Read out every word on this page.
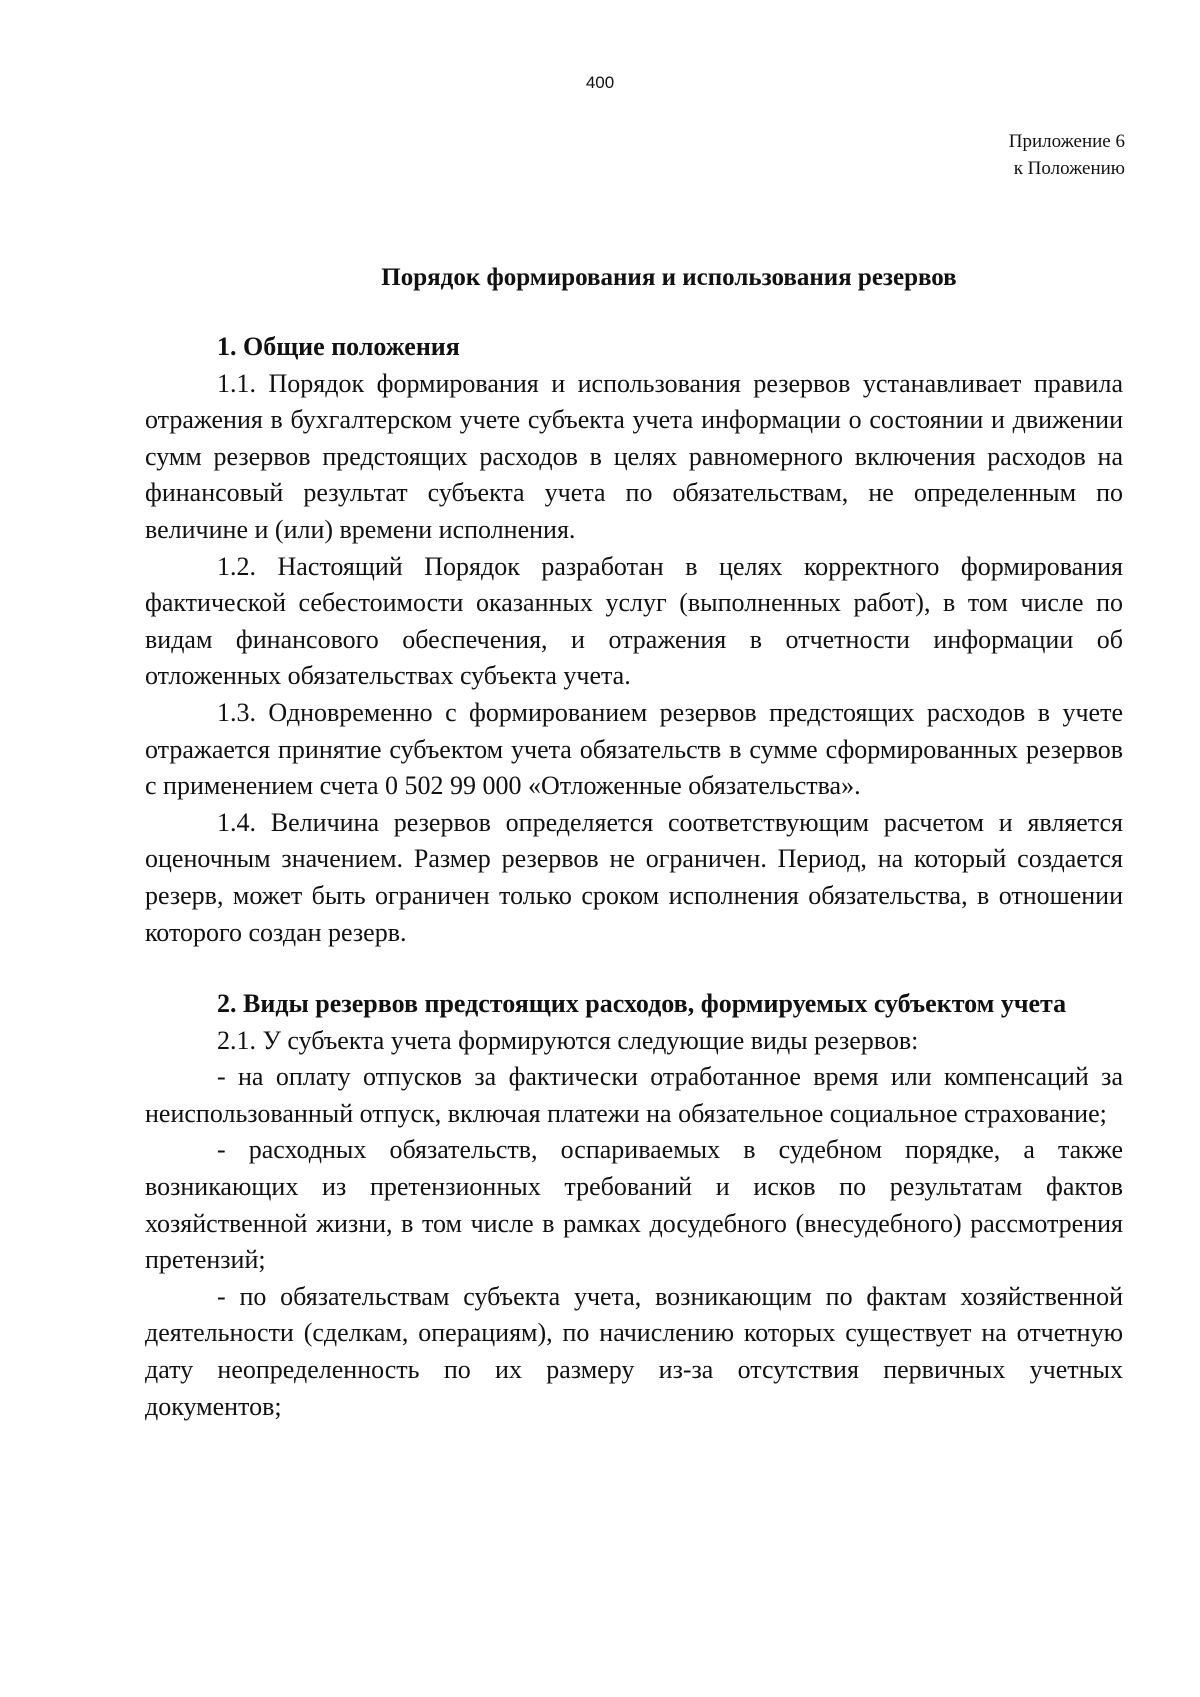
400
Приложение 6
к Положению
Порядок формирования и использования резервов
1. Общие положения

1.1. Порядок формирования и использования резервов устанавливает правила отражения в бухгалтерском учете субъекта учета информации о состоянии и движении сумм резервов предстоящих расходов в целях равномерного включения расходов на финансовый результат субъекта учета по обязательствам, не определенным по величине и (или) времени исполнения.

1.2. Настоящий Порядок разработан в целях корректного формирования фактической себестоимости оказанных услуг (выполненных работ), в том числе по видам финансового обеспечения, и отражения в отчетности информации об отложенных обязательствах субъекта учета.

1.3. Одновременно с формированием резервов предстоящих расходов в учете отражается принятие субъектом учета обязательств в сумме сформированных резервов с применением счета 0 502 99 000 «Отложенные обязательства».

1.4. Величина резервов определяется соответствующим расчетом и является оценочным значением. Размер резервов не ограничен. Период, на который создается резерв, может быть ограничен только сроком исполнения обязательства, в отношении которого создан резерв.

2. Виды резервов предстоящих расходов, формируемых субъектом учета

2.1. У субъекта учета формируются следующие виды резервов:

- на оплату отпусков за фактически отработанное время или компенсаций за неиспользованный отпуск, включая платежи на обязательное социальное страхование;

- расходных обязательств, оспариваемых в судебном порядке, а также возникающих из претензионных требований и исков по результатам фактов хозяйственной жизни, в том числе в рамках досудебного (внесудебного) рассмотрения претензий;

- по обязательствам субъекта учета, возникающим по фактам хозяйственной деятельности (сделкам, операциям), по начислению которых существует на отчетную дату неопределенность по их размеру из-за отсутствия первичных учетных документов;
